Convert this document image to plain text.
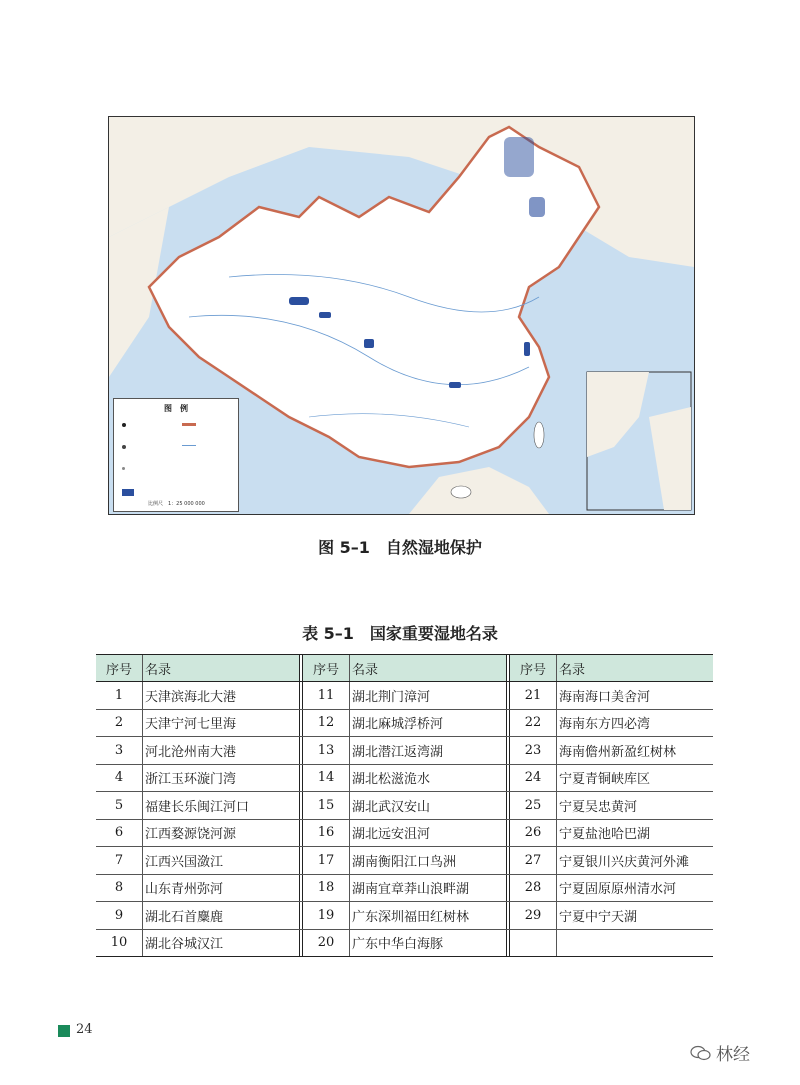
图　例
比例尺　1：25 000 000
图 5–1　自然湿地保护
表 5–1　国家重要湿地名录
序号	名录		序号	名录		序号	名录
1	天津滨海北大港		11	湖北荆门漳河		21	海南海口美舍河
2	天津宁河七里海		12	湖北麻城浮桥河		22	海南东方四必湾
3	河北沧州南大港		13	湖北潜江返湾湖		23	海南儋州新盈红树林
4	浙江玉环漩门湾		14	湖北松滋洈水		24	宁夏青铜峡库区
5	福建长乐闽江河口		15	湖北武汉安山		25	宁夏吴忠黄河
6	江西婺源饶河源		16	湖北远安沮河		26	宁夏盐池哈巴湖
7	江西兴国潋江		17	湖南衡阳江口鸟洲		27	宁夏银川兴庆黄河外滩
8	山东青州弥河		18	湖南宜章莽山浪畔湖		28	宁夏固原原州清水河
9	湖北石首麋鹿		19	广东深圳福田红树林		29	宁夏中宁天湖
10	湖北谷城汉江		20	广东中华白海豚			
24
林经
